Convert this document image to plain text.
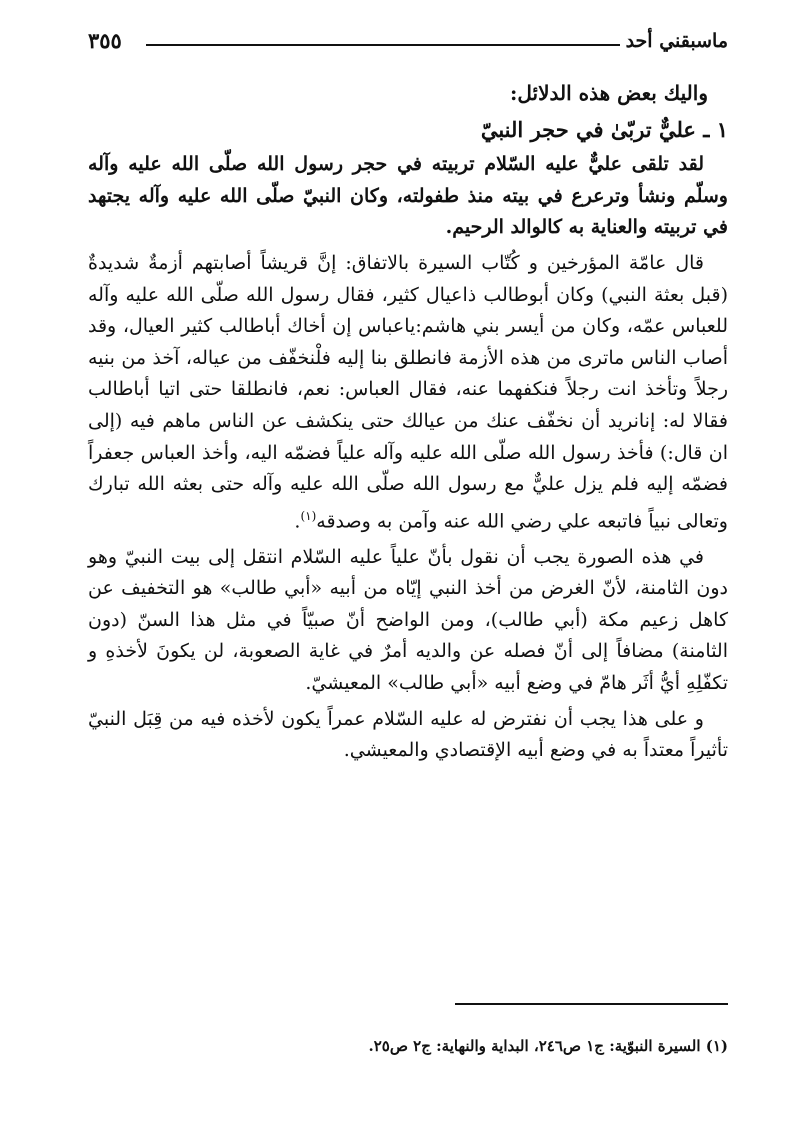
ماسبقني أحد
٣٥٥

واليك بعض هذه الدلائل:

١ ـ عليٌّ تربّىٰ في حجر النبيّ

لقد تلقى عليٌّ عليه السّلام تربيته في حجر رسول الله صلّى الله عليه وآله وسلّم ونشأ وترعرع في بيته منذ طفولته، وكان النبيّ صلّى الله عليه وآله يجتهد في تربيته والعناية به كالوالد الرحيم.

قال عامّة المؤرخين و كُتّاب السيرة بالاتفاق: إنَّ قريشاً أصابتهم أزمةٌ شديدةٌ (قبل بعثة النبي) وكان أبوطالب ذاعيال كثير، فقال رسول الله صلّى الله عليه وآله للعباس عمّه، وكان من أيسر بني هاشم:ياعباس إن أخاك أباطالب كثير العيال، وقد أصاب الناس ماترى من هذه الأزمة فانطلق بنا إليه فلْنخفّف من عياله، آخذ من بنيه رجلاً وتأخذ انت رجلاً فنكفهما عنه، فقال العباس: نعم، فانطلقا حتى اتيا أباطالب فقالا له: إنانريد أن نخفّف عنك من عيالك حتى ينكشف عن الناس ماهم فيه (إلى ان قال:) فأخذ رسول الله صلّى الله عليه وآله علياً فضمّه اليه، وأخذ العباس جعفراً فضمّه إليه فلم يزل عليٌّ مع رسول الله صلّى الله عليه وآله حتى بعثه الله تبارك وتعالى نبياً فاتبعه علي رضي الله عنه وآمن به وصدقه$^{(١)}$.

في هذه الصورة يجب أن نقول بأنّ علياً عليه السّلام انتقل إلى بيت النبيّ وهو دون الثامنة، لأنّ الغرض من أخذ النبي إيّاه من أبيه «أبي طالب» هو التخفيف عن كاهل زعيم مكة (أبي طالب)، ومن الواضح أنّ صبيّاً في مثل هذا السنّ (دون الثامنة) مضافاً إلى أنّ فصله عن والديه أمرٌ في غاية الصعوبة، لن يكونَ لأخذهِ و تكفّلِهِ أيُّ أثَر هامّ في وضع أبيه «أبي طالب» المعيشيّ.

و على هذا يجب أن نفترض له عليه السّلام عمراً يكون لأخذه فيه من قِبَل النبيّ تأثيراً معتداً به في وضع أبيه الإقتصادي والمعيشي.

(١) السيرة النبوّية: ج١ ص٢٤٦، البداية والنهاية: ج٢ ص٢٥.
